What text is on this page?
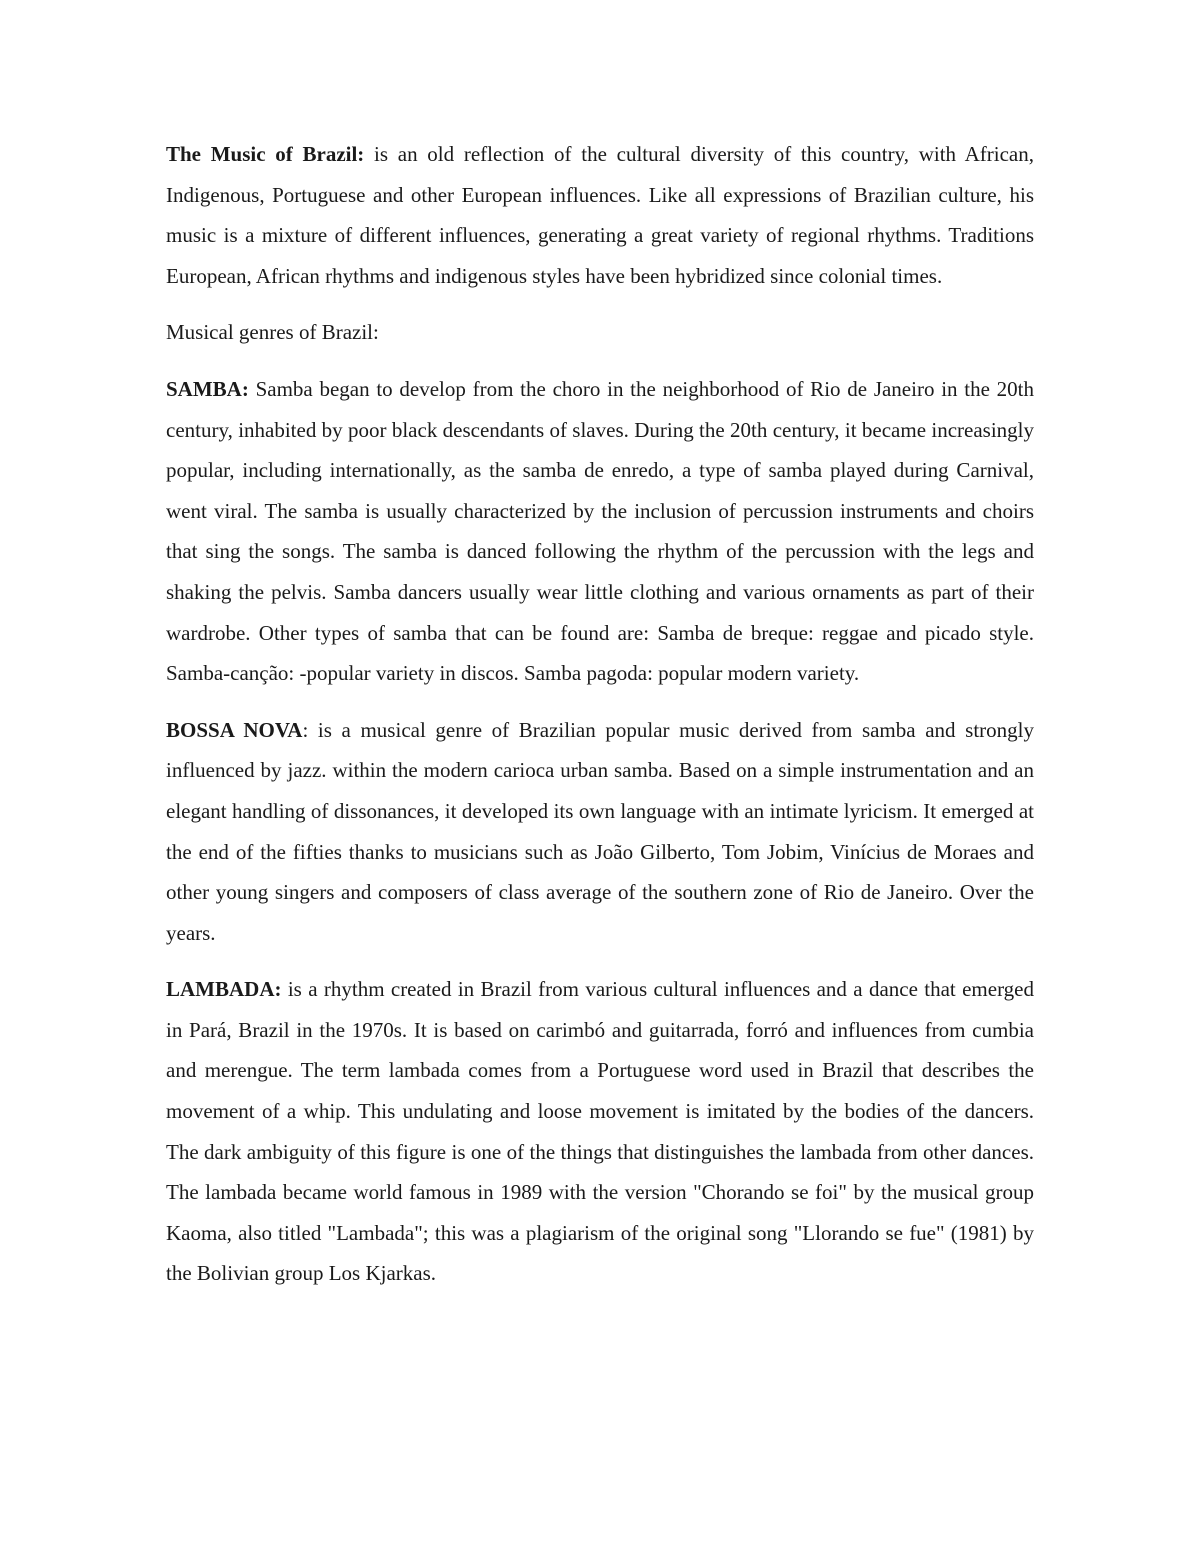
The Music of Brazil: is an old reflection of the cultural diversity of this country, with African, Indigenous, Portuguese and other European influences. Like all expressions of Brazilian culture, his music is a mixture of different influences, generating a great variety of regional rhythms. Traditions European, African rhythms and indigenous styles have been hybridized since colonial times.

Musical genres of Brazil:

SAMBA: Samba began to develop from the choro in the neighborhood of Rio de Janeiro in the 20th century, inhabited by poor black descendants of slaves. During the 20th century, it became increasingly popular, including internationally, as the samba de enredo, a type of samba played during Carnival, went viral. The samba is usually characterized by the inclusion of percussion instruments and choirs that sing the songs. The samba is danced following the rhythm of the percussion with the legs and shaking the pelvis. Samba dancers usually wear little clothing and various ornaments as part of their wardrobe. Other types of samba that can be found are: Samba de breque: reggae and picado style. Samba-canção: -popular variety in discos. Samba pagoda: popular modern variety.

BOSSA NOVA: is a musical genre of Brazilian popular music derived from samba and strongly influenced by jazz. within the modern carioca urban samba. Based on a simple instrumentation and an elegant handling of dissonances, it developed its own language with an intimate lyricism. It emerged at the end of the fifties thanks to musicians such as João Gilberto, Tom Jobim, Vinícius de Moraes and other young singers and composers of class average of the southern zone of Rio de Janeiro. Over the years.

LAMBADA: is a rhythm created in Brazil from various cultural influences and a dance that emerged in Pará, Brazil in the 1970s. It is based on carimbó and guitarrada, forró and influences from cumbia and merengue. The term lambada comes from a Portuguese word used in Brazil that describes the movement of a whip. This undulating and loose movement is imitated by the bodies of the dancers. The dark ambiguity of this figure is one of the things that distinguishes the lambada from other dances. The lambada became world famous in 1989 with the version "Chorando se foi" by the musical group Kaoma, also titled "Lambada"; this was a plagiarism of the original song "Llorando se fue" (1981) by the Bolivian group Los Kjarkas.
